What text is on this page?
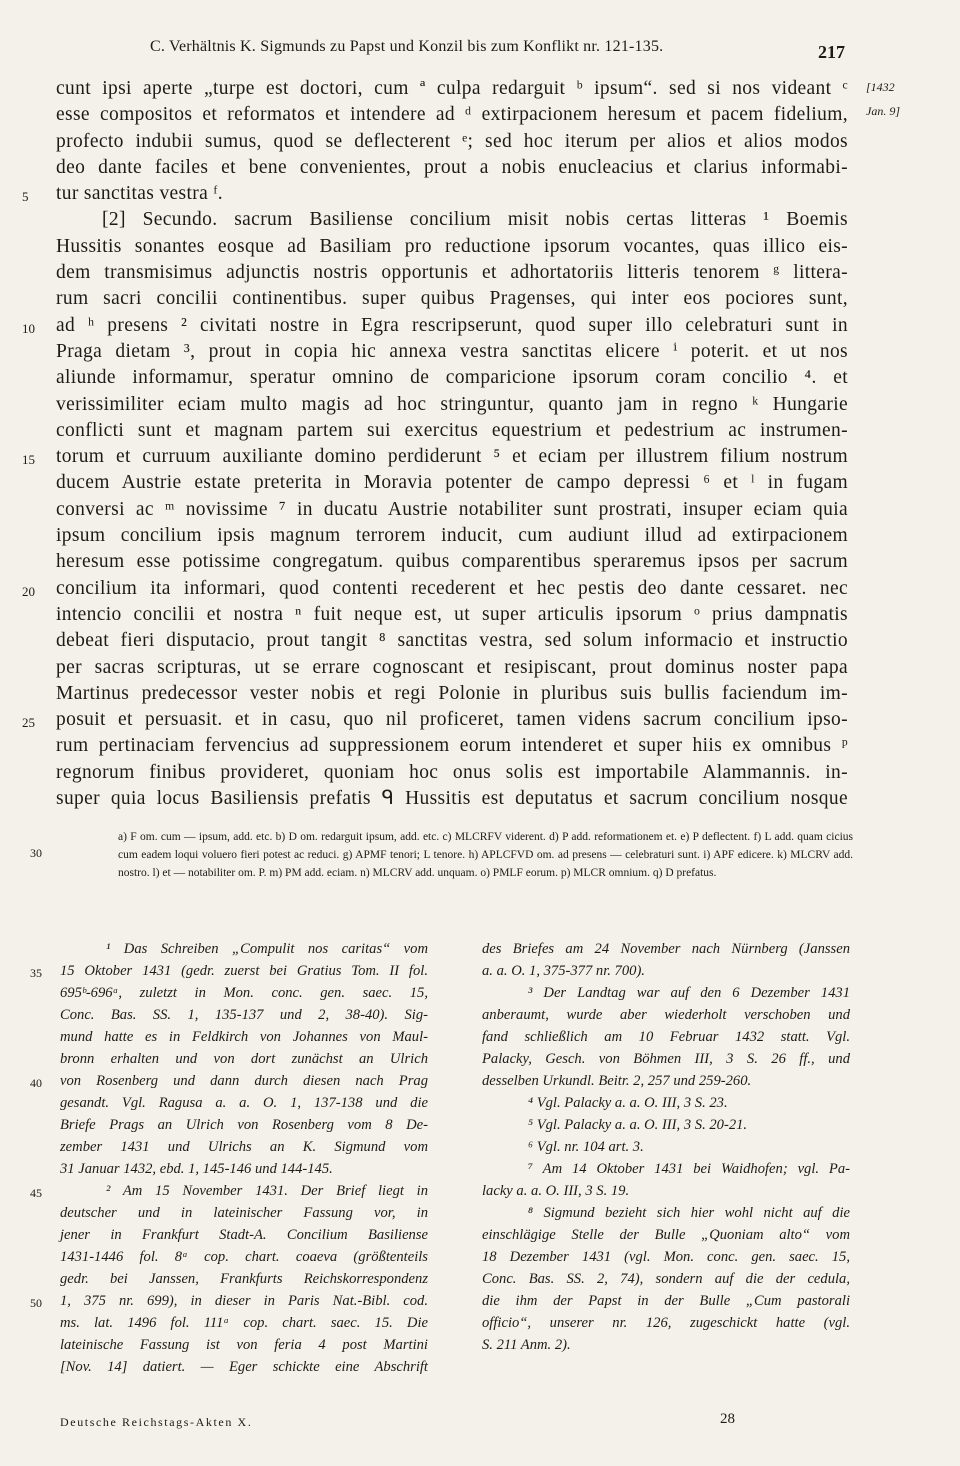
C. Verhältnis K. Sigmunds zu Papst und Konzil bis zum Konflikt nr. 121-135.	217
[1432
Jan. 9]
cunt ipsi aperte „turpe est doctori, cum ª culpa redarguit ᵇ ipsum“. sed si nos videant ᶜ
esse compositos et reformatos et intendere ad ᵈ extirpacionem heresum et pacem fidelium,
profecto indubii sumus, quod se deflecterent ᵉ; sed hoc iterum per alios et alios modos
deo dante faciles et bene convenientes, prout a nobis enucleacius et clarius informabi-
5	tur sanctitas vestra ᶠ.
[2] Secundo. sacrum Basiliense concilium misit nobis certas litteras ¹ Boemis
Hussitis sonantes eosque ad Basiliam pro reductione ipsorum vocantes, quas illico eis-
dem transmisimus adjunctis nostris opportunis et adhortatoriis litteris tenorem ᵍ littera-
rum sacri concilii continentibus. super quibus Pragenses, qui inter eos pociores sunt,
10	ad ʰ presens ² civitati nostre in Egra rescripserunt, quod super illo celebraturi sunt in
Praga dietam ³, prout in copia hic annexa vestra sanctitas elicere ⁱ poterit. et ut nos
aliunde informamur, speratur omnino de comparicione ipsorum coram concilio ⁴. et
verissimiliter eciam multo magis ad hoc stringuntur, quanto jam in regno ᵏ Hungarie
conflicti sunt et magnam partem sui exercitus equestrium et pedestrium ac instrumen-
15	torum et curruum auxiliante domino perdiderunt ⁵ et eciam per illustrem filium nostrum
ducem Austrie estate preterita in Moravia potenter de campo depressi ⁶ et ˡ in fugam
conversi ac ᵐ novissime ⁷ in ducatu Austrie notabiliter sunt prostrati, insuper eciam quia
ipsum concilium ipsis magnum terrorem inducit, cum audiunt illud ad extirpacionem
heresum esse potissime congregatum. quibus comparentibus speraremus ipsos per sacrum
20	concilium ita informari, quod contenti recederent et hec pestis deo dante cessaret. nec
intencio concilii et nostra ⁿ fuit neque est, ut super articulis ipsorum ᵒ prius dampnatis
debeat fieri disputacio, prout tangit ⁸ sanctitas vestra, sed solum informacio et instructio
per sacras scripturas, ut se errare cognoscant et resipiscant, prout dominus noster papa
Martinus predecessor vester nobis et regi Polonie in pluribus suis bullis faciendum im-
25	posuit et persuasit. et in casu, quo nil proficeret, tamen videns sacrum concilium ipso-
rum pertinaciam fervencius ad suppressionem eorum intenderet et super hiis ex omnibus ᵖ
regnorum finibus provideret, quoniam hoc onus solis est importabile Alammannis. in-
super quia locus Basiliensis prefatis ᑫ Hussitis est deputatus et sacrum concilium nosque
30
a) F om. cum — ipsum, add. etc. b) D om. redarguit ipsum, add. etc. c) MLCRFV viderent. d) P add. reformationem et. e) P deflectent. f) L add. quam cicius cum eadem loqui voluero fieri potest ac reduci. g) APMF tenori; L tenore. h) APLCFVD om. ad presens — celebraturi sunt. i) APF edicere. k) MLCRV add. nostro. l) et — notabiliter om. P. m) PM add. eciam. n) MLCRV add. unquam. o) PMLF eorum. p) MLCR omnium. q) D prefatus.
¹ Das Schreiben „Compulit nos caritas“ vom
35	15 Oktober 1431 (gedr. zuerst bei Gratius Tom. II fol.
695ᵇ-696ᵃ, zuletzt in Mon. conc. gen. saec. 15,
Conc. Bas. SS. 1, 135-137 und 2, 38-40). Sig-
mund hatte es in Feldkirch von Johannes von Maul-
bronn erhalten und von dort zunächst an Ulrich
40	von Rosenberg und dann durch diesen nach Prag
gesandt. Vgl. Ragusa a. a. O. 1, 137-138 und die
Briefe Prags an Ulrich von Rosenberg vom 8 De-
zember 1431 und Ulrichs an K. Sigmund vom
31 Januar 1432, ebd. 1, 145-146 und 144-145.
45	² Am 15 November 1431. Der Brief liegt in
deutscher und in lateinischer Fassung vor, in
jener in Frankfurt Stadt-A. Concilium Basiliense
1431-1446 fol. 8ᵃ cop. chart. coaeva (größtenteils
gedr. bei Janssen, Frankfurts Reichskorrespondenz
50	1, 375 nr. 699), in dieser in Paris Nat.-Bibl. cod.
ms. lat. 1496 fol. 111ᵃ cop. chart. saec. 15. Die
lateinische Fassung ist von feria 4 post Martini
[Nov. 14] datiert. — Eger schickte eine Abschrift
des Briefes am 24 November nach Nürnberg (Janssen
a. a. O. 1, 375-377 nr. 700).
³ Der Landtag war auf den 6 Dezember 1431
anberaumt, wurde aber wiederholt verschoben und
fand schließlich am 10 Februar 1432 statt. Vgl.
Palacky, Gesch. von Böhmen III, 3 S. 26 ff., und
desselben Urkundl. Beitr. 2, 257 und 259-260.
⁴ Vgl. Palacky a. a. O. III, 3 S. 23.
⁵ Vgl. Palacky a. a. O. III, 3 S. 20-21.
⁶ Vgl. nr. 104 art. 3.
⁷ Am 14 Oktober 1431 bei Waidhofen; vgl. Pa-
lacky a. a. O. III, 3 S. 19.
⁸ Sigmund bezieht sich hier wohl nicht auf die
einschlägige Stelle der Bulle „Quoniam alto“ vom
18 Dezember 1431 (vgl. Mon. conc. gen. saec. 15,
Conc. Bas. SS. 2, 74), sondern auf die der cedula,
die ihm der Papst in der Bulle „Cum pastorali
officio“, unserer nr. 126, zugeschickt hatte (vgl.
S. 211 Anm. 2).
Deutsche Reichstags-Akten X.	28
